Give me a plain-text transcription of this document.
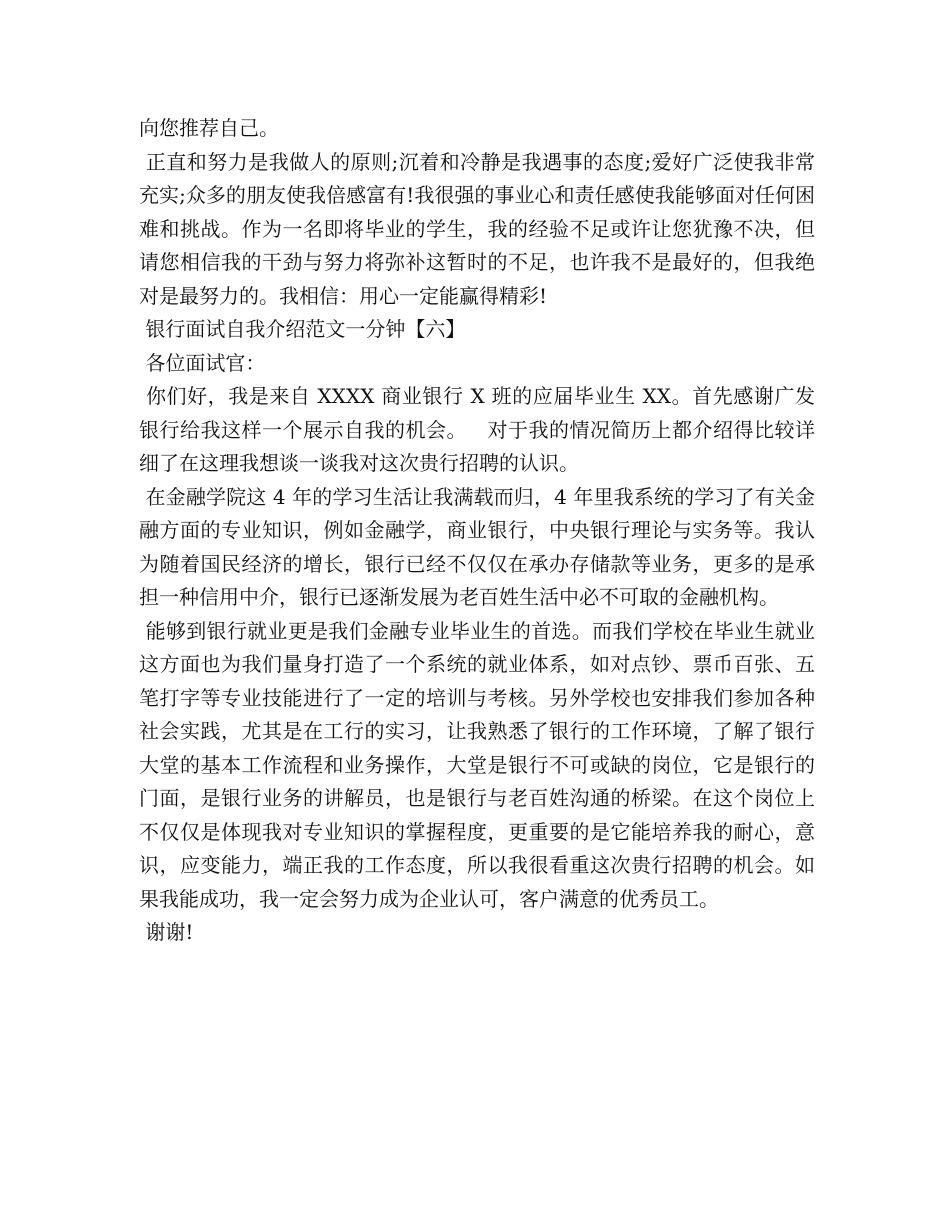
向您推荐自己。

正直和努力是我做人的原则;沉着和冷静是我遇事的态度;爱好广泛使我非常充实;众多的朋友使我倍感富有!我很强的事业心和责任感使我能够面对任何困难和挑战。作为一名即将毕业的学生，我的经验不足或许让您犹豫不决，但请您相信我的干劲与努力将弥补这暂时的不足，也许我不是最好的，但我绝对是最努力的。我相信：用心一定能赢得精彩!

银行面试自我介绍范文一分钟【六】

各位面试官：

你们好，我是来自 XXXX 商业银行 X 班的应届毕业生 XX。首先感谢广发银行给我这样一个展示自我的机会。   对于我的情况简历上都介绍得比较详细了在这理我想谈一谈我对这次贵行招聘的认识。

在金融学院这 4 年的学习生活让我满载而归，4 年里我系统的学习了有关金融方面的专业知识，例如金融学，商业银行，中央银行理论与实务等。我认为随着国民经济的增长，银行已经不仅仅在承办存储款等业务，更多的是承担一种信用中介，银行已逐渐发展为老百姓生活中必不可取的金融机构。

能够到银行就业更是我们金融专业毕业生的首选。而我们学校在毕业生就业这方面也为我们量身打造了一个系统的就业体系，如对点钞、票币百张、五笔打字等专业技能进行了一定的培训与考核。另外学校也安排我们参加各种社会实践，尤其是在工行的实习，让我熟悉了银行的工作环境，了解了银行大堂的基本工作流程和业务操作，大堂是银行不可或缺的岗位，它是银行的门面，是银行业务的讲解员，也是银行与老百姓沟通的桥梁。在这个岗位上不仅仅是体现我对专业知识的掌握程度，更重要的是它能培养我的耐心，意识，应变能力，端正我的工作态度，所以我很看重这次贵行招聘的机会。如果我能成功，我一定会努力成为企业认可，客户满意的优秀员工。

谢谢!
